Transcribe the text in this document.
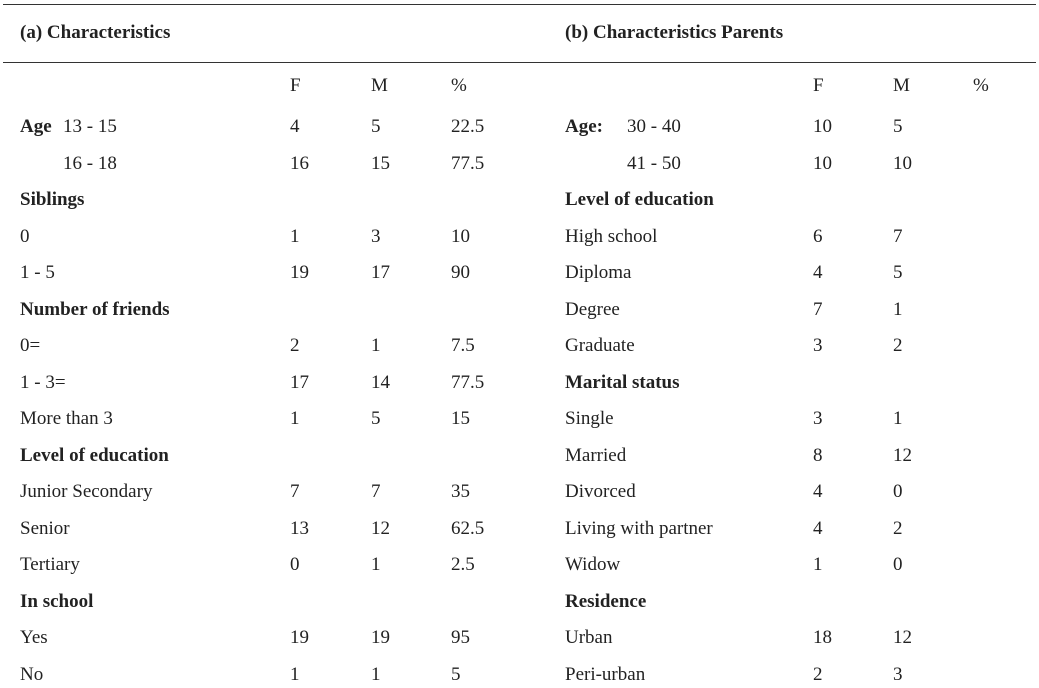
(a) Characteristics	(b) Characteristics Parents
F	M	%
Age 13 - 15	4	5	22.5
16 - 18	16	15	77.5
Siblings
0	1	3	10
1 - 5	19	17	90
Number of friends
0=	2	1	7.5
1 - 3=	17	14	77.5
More than 3	1	5	15
Level of education
Junior Secondary	7	7	35
Senior	13	12	62.5
Tertiary	0	1	2.5
In school
Yes	19	19	95
No	1	1	5
F	M	%
Age: 30 - 40	10	5
41 - 50	10	10
Level of education
High school	6	7
Diploma	4	5
Degree	7	1
Graduate	3	2
Marital status
Single	3	1
Married	8	12
Divorced	4	0
Living with partner	4	2
Widow	1	0
Residence
Urban	18	12
Peri-urban	2	3
